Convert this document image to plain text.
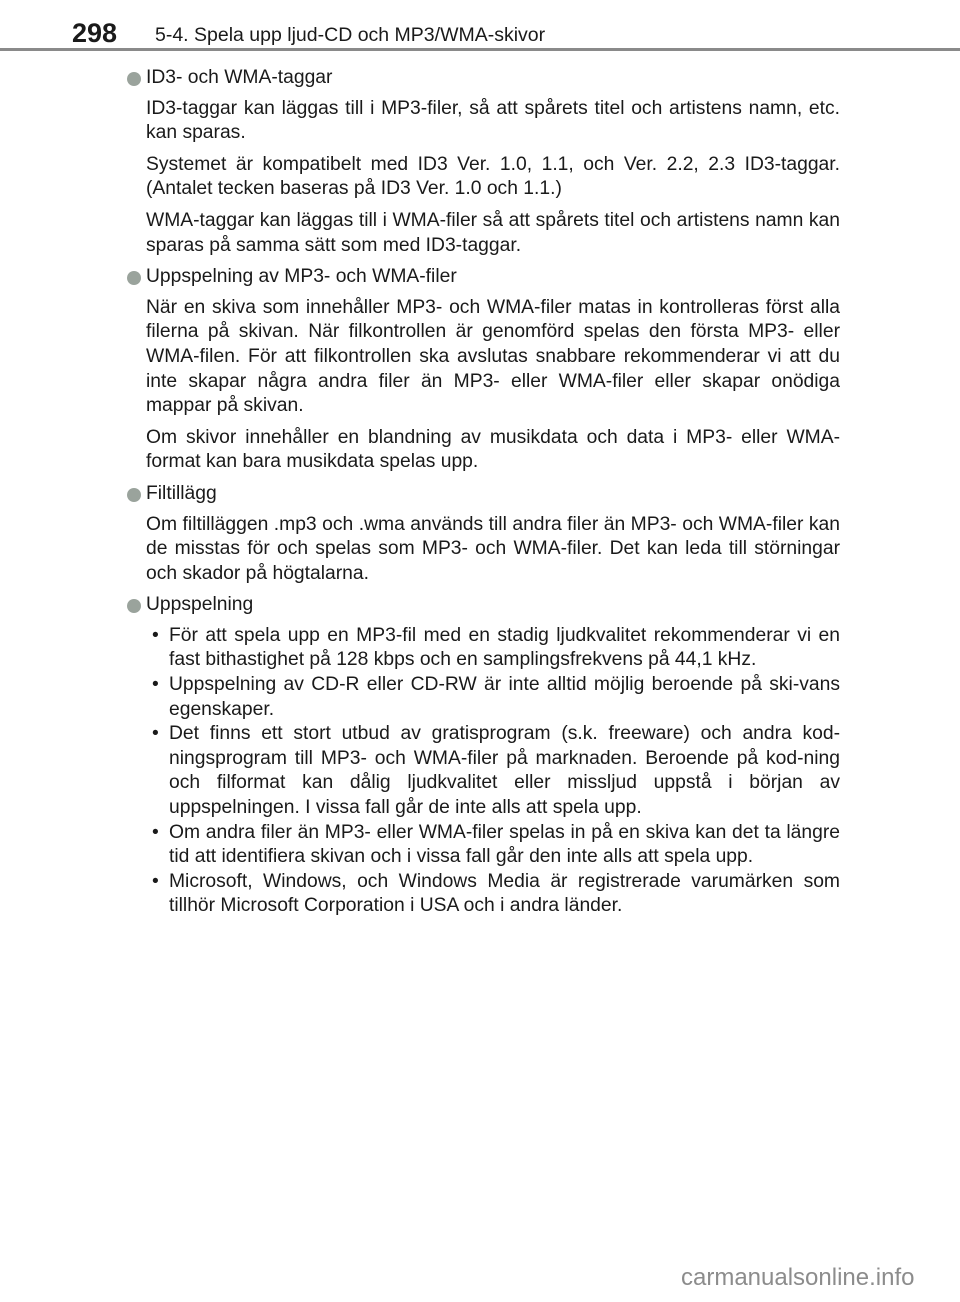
298 5-4. Spela upp ljud-CD och MP3/WMA-skivor
ID3- och WMA-taggar

ID3-taggar kan läggas till i MP3-filer, så att spårets titel och artistens namn, etc. kan sparas.

Systemet är kompatibelt med ID3 Ver. 1.0, 1.1, och Ver. 2.2, 2.3 ID3-taggar. (Antalet tecken baseras på ID3 Ver. 1.0 och 1.1.)

WMA-taggar kan läggas till i WMA-filer så att spårets titel och artistens namn kan sparas på samma sätt som med ID3-taggar.

Uppspelning av MP3- och WMA-filer

När en skiva som innehåller MP3- och WMA-filer matas in kontrolleras först alla filerna på skivan. När filkontrollen är genomförd spelas den första MP3- eller WMA-filen. För att filkontrollen ska avslutas snabbare rekommenderar vi att du inte skapar några andra filer än MP3- eller WMA-filer eller skapar onödiga mappar på skivan.

Om skivor innehåller en blandning av musikdata och data i MP3- eller WMA-format kan bara musikdata spelas upp.

Filtillägg

Om filtilläggen .mp3 och .wma används till andra filer än MP3- och WMA-filer kan de misstas för och spelas som MP3- och WMA-filer. Det kan leda till störningar och skador på högtalarna.

Uppspelning
• För att spela upp en MP3-fil med en stadig ljudkvalitet rekommenderar vi en fast bithastighet på 128 kbps och en samplingsfrekvens på 44,1 kHz.
• Uppspelning av CD-R eller CD-RW är inte alltid möjlig beroende på ski-vans egenskaper.
• Det finns ett stort utbud av gratisprogram (s.k. freeware) och andra kod-ningsprogram till MP3- och WMA-filer på marknaden. Beroende på kod-ning och filformat kan dålig ljudkvalitet eller missljud uppstå i början av uppspelningen. I vissa fall går de inte alls att spela upp.
• Om andra filer än MP3- eller WMA-filer spelas in på en skiva kan det ta längre tid att identifiera skivan och i vissa fall går den inte alls att spela upp.
• Microsoft, Windows, och Windows Media är registrerade varumärken som tillhör Microsoft Corporation i USA och i andra länder.
carmanualsonline.info
